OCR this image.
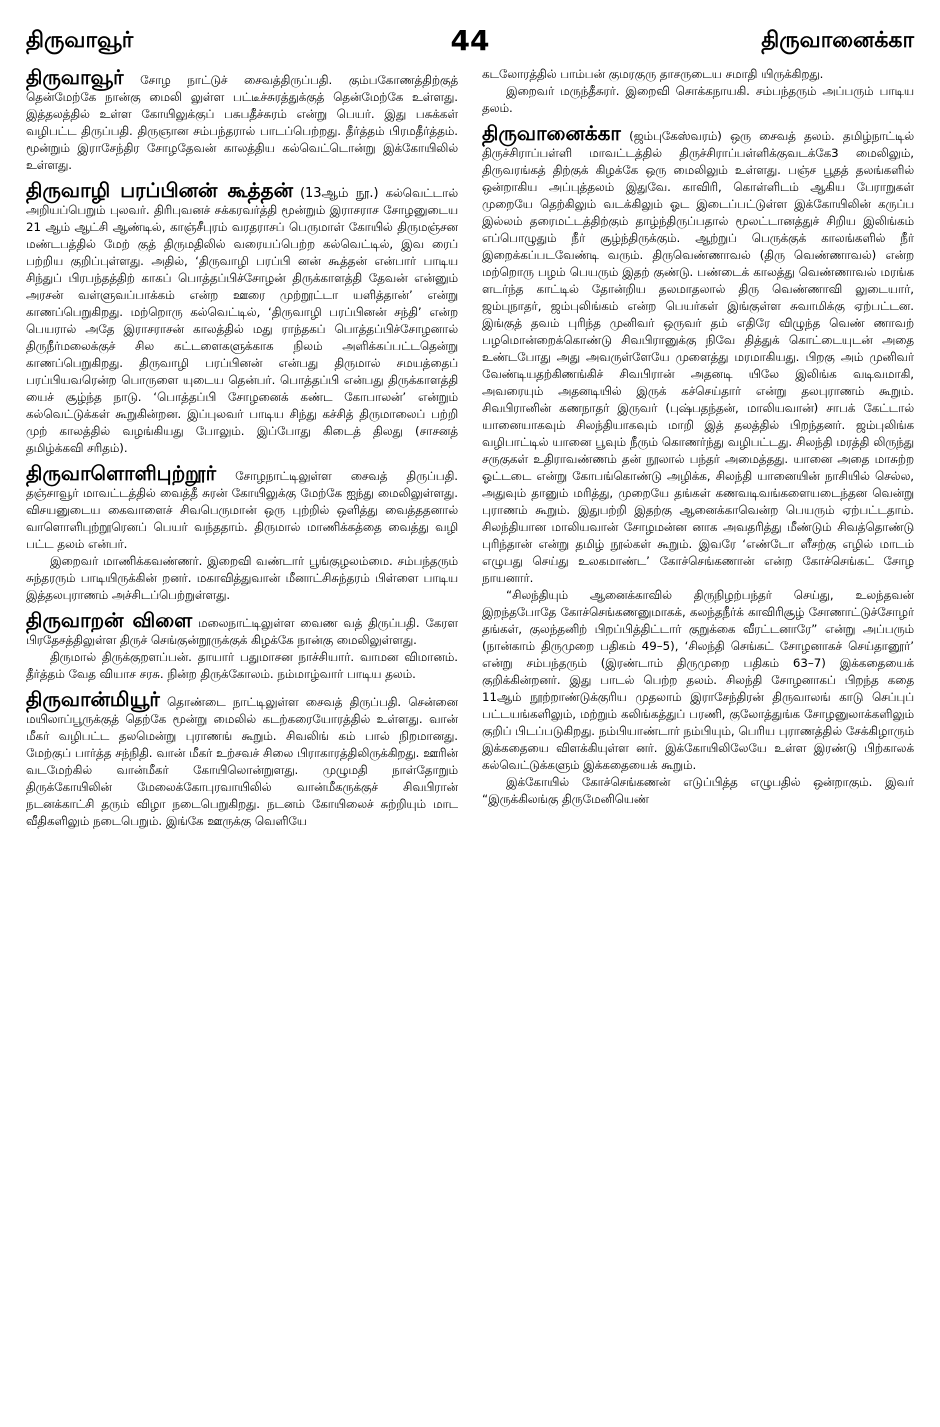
திருவாவூர்	44	திருவானைக்கா

திருவாவூர் சோழ நாட்டுச் சைவத்திருப்பதி. கும்பகோணத்திற்குத் தென்மேற்கே நான்கு மைலி லுள்ள பட்டீச்சுரத்துக்குத் தென்மேற்கே உள்ளது. இத்தலத்தில் உள்ள கோயிலுக்குப் பசுபதீச்சுரம் என்று பெயர். இது பசுக்கள் வழிபட்ட திருப்பதி. திருஞான சம்பந்தரால் பாடப்பெற்றது. தீர்த்தம் பிரமதீர்த்தம். மூன்றும் இராசேந்திர சோழதேவன் காலத்திய கல்வெட்டொன்று இக்கோயிலில் உள்ளது.

திருவாழி பரப்பினன் கூத்தன் (13ஆம் நூ.) கல்வெட்டால் அறியப்பெறும் புலவர். திரிபுவனச் சக்கரவர்த்தி மூன்றும் இராசராச சோழனுடைய 21 ஆம் ஆட்சி ஆண்டில், காஞ்சீபுரம் வரதராசப் பெருமாள் கோயில் திருமஞ்சன மண்டபத்தில் மேற் குத் திருமதிலில் வரையப்பெற்ற கல்வெட்டில், இவ ரைப் பற்றிய குறிப்புள்ளது. அதில், ‘திருவாழி பரப்பி னன் கூத்தன் என்பார் பாடிய சிந்துப் பிரபந்தத்திற் காகப் பொத்தப்பிச்சோழன் திருக்காளத்தி தேவன் என்னும் அரசன் வள்ளுவப்பாக்கம் என்ற ஊரை முற்றூட்டா யளித்தான்’ என்று காணப்பெறுகிறது. மற்றொரு கல்வெட்டில், ‘திருவாழி பரப்பினன் சந்தி’ என்ற பெயரால் அதே இராசராசன் காலத்தில் மது ராந்தகப் பொத்தப்பிச்சோழனால் திருநீர்மலைக்குச் சில கட்டளைகளுக்காக நிலம் அளிக்கப்பட்டதென்று காணப்பெறுகிறது. திருவாழி பரப்பினன் என்பது திருமால் சமயத்தைப் பரப்பியவரென்ற பொருளை யுடைய தென்பர். பொத்தப்பி என்பது திருக்காளத்தி யைச் சூழ்ந்த நாடு. ‘பொத்தப்பி சோழனைக் கண்ட கோபாலன்’ என்றும் கல்வெட்டுக்கள் கூறுகின்றன. இப்புலவர் பாடிய சிந்து கச்சித் திருமாலைப் பற்றி முற் காலத்தில் வழங்கியது போலும். இப்போது கிடைத் திலது (சாசனத் தமிழ்க்கவி சரிதம்).

திருவாளொளிபுற்றூர் சோழநாட்டிலுள்ள சைவத் திருப்பதி. தஞ்சாவூர் மாவட்டத்தில் வைத்தீ சுரன் கோயிலுக்கு மேற்கே ஐந்து மைலிலுள்ளது. விசயனுடைய கைவாளைச் சிவபெருமான் ஒரு புற்றில் ஒளித்து வைத்ததனால் வாளொளிபுற்றூரெனப் பெயர் வந்ததாம். திருமால் மாணிக்கத்தை வைத்து வழி பட்ட தலம் என்பர்.

இறைவர் மாணிக்கவண்ணர். இறைவி வண்டார் பூங்குழலம்மை. சம்பந்தரும் சுந்தரரும் பாடியிருக்கின் றனர். மகாவித்துவான் மீனாட்சிசுந்தரம் பிள்ளை பாடிய இத்தலபுராணம் அச்சிடப்பெற்றுள்ளது.

திருவாறன் விளை மலைநாட்டிலுள்ள வைண வத் திருப்பதி. கேரள பிரதேசத்திலுள்ள திருச் செங்குன்றூருக்குக் கிழக்கே நான்கு மைலிலுள்ளது.

திருமால் திருக்குறளப்பன். தாயார் பதுமாசன நாச்சியார். வாமன விமானம். தீர்த்தம் வேத வியாச சரசு. நின்ற திருக்கோலம். நம்மாழ்வார் பாடிய தலம்.

திருவான்மியூர் தொண்டை நாட்டிலுள்ள சைவத் திருப்பதி. சென்னை மயிலாப்பூருக்குத் தெற்கே மூன்று மைலில் கடற்கரையோரத்தில் உள்ளது. வான் மீகர் வழிபட்ட தலமென்று புராணங் கூறும். சிவலிங் கம் பால் நிறமானது. மேற்குப் பார்த்த சந்நிதி. வான் மீகர் உற்சவச் சிலை பிராகாரத்திலிருக்கிறது. ஊரின் வடமேற்கில் வான்மீகர் கோயிலொன்றுளது. முழுமதி நாள்தோறும் திருக்கோயிலின் மேலைக்கோபுரவாயிலில் வான்மீகருக்குச் சிவபிரான் நடனக்காட்சி தரும் விழா நடைபெறுகிறது. நடனம் கோயிலைச் சுற்றியும் மாட வீதிகளிலும் நடைபெறும். இங்கே ஊருக்கு வெளியே

கடலோரத்தில் பாம்பன் குமரகுரு தாசருடைய சமாதி யிருக்கிறது.

இறைவர் மருந்தீசுரர். இறைவி சொக்கநாயகி. சம்பந்தரும் அப்பரும் பாடிய தலம்.

திருவானைக்கா (ஜம்புகேஸ்வரம்) ஒரு சைவத் தலம். தமிழ்நாட்டில் திருச்சிராப்பள்ளி மாவட்டத்தில் திருச்சிராப்பள்ளிக்குவடக்கே3 மைலிலும், திருவரங்கத் திற்குக் கிழக்கே ஒரு மைலிலும் உள்ளது. பஞ்ச பூதத் தலங்களில் ஒன்றாகிய அப்புத்தலம் இதுவே. காவிரி, கொள்ளிடம் ஆகிய பேராறுகள் முறையே தெற்கிலும் வடக்கிலும் ஓட இடைப்பட்டுள்ள இக்கோயிலின் கருப்ப இல்லம் தரைமட்டத்திற்கும் தாழ்ந்திருப்பதால் மூலட்டானத்துச் சிறிய இலிங்கம் எப்பொழுதும் நீர் சூழ்ந்திருக்கும். ஆற்றுப் பெருக்குக் காலங்களில் நீர் இறைக்கப்படவேண்டி வரும். திருவெண்ணாவல் (திரு வெண்ணாவல்) என்ற மற்றொரு பழம் பெயரும் இதற் குண்டு. பண்டைக் காலத்து வெண்ணாவல் மரங்க ளடர்ந்த காட்டில் தோன்றிய தலமாதலால் திரு வெண்ணாவி லுடையார், ஜம்புநாதர், ஜம்புலிங்கம் என்ற பெயர்கள் இங்குள்ள சுவாமிக்கு ஏற்பட்டன. இங்குத் தவம் புரிந்த முனிவர் ஒருவர் தம் எதிரே விழுந்த வெண் ணாவற் பழமொன்றைக்கொண்டு சிவபிரானுக்கு நிவே தித்துக் கொட்டையுடன் அதை உண்டபோது அது அவருள்ளேயே முளைத்து மரமாகியது. பிறகு அம் முனிவர் வேண்டியதற்கிணங்கிச் சிவபிரான் அதனடி யிலே இலிங்க வடிவமாகி, அவரையும் அதனடியில் இருக் கச்செய்தார் என்று தலபுராணம் கூறும். சிவபிரானின் கணநாதர் இருவர் (புஷ்பதந்தன், மாலியவான்) சாபக் கேட்டால் யானையாகவும் சிலந்தியாகவும் மாறி இத் தலத்தில் பிறந்தனர். ஜம்புலிங்க வழிபாட்டில் யானை பூவும் நீரும் கொணர்ந்து வழிபட்டது. சிலந்தி மரத்தி லிருந்து சருகுகள் உதிராவண்ணம் தன் நூலால் பந்தர் அமைத்தது. யானை அதை மாசுற்ற ஓட்டடை என்று கோபங்கொண்டு அழிக்க, சிலந்தி யானையின் நாசியில் செல்ல, அதுவும் தானும் மரித்து, முறையே தங்கள் கணவடிவங்களையடைந்தன வென்று புராணம் கூறும். இதுபற்றி இதற்கு ஆனைக்காவென்ற பெயரும் ஏற்பட்டதாம். சிலந்தியான மாலியவான் சோழமன்ன னாக அவதரித்து மீண்டும் சிவத்தொண்டு புரிந்தான் என்று தமிழ் நூல்கள் கூறும். இவரே ‘எண்டோ ளீசற்கு எழில் மாடம் எழுபது செய்து உலகமாண்ட’ கோச்செங்கணான் என்ற கோச்செங்கட் சோழ நாயனார்.

“சிலந்தியும் ஆனைக்காவில் திருநிழற்பந்தர் செய்து, உலந்தவன் இறந்தபோதே கோச்செங்கணனுமாகக், கலந்தநீர்க் காவிரிசூழ் சோணாட்டுச்சோழர் தங்கள், குலந்தனிற் பிறப்பித்திட்டார் குறுக்கை வீரட்டனாரே” என்று அப்பரும் (நான்காம் திருமுறை பதிகம் 49–5), ‘சிலந்தி செங்கட் சோழனாகச் செய்தானூர்’ என்று சம்பந்தரும் (இரண்டாம் திருமுறை பதிகம் 63–7) இக்கதையைக் குறிக்கின்றனர். இது பாடல் பெற்ற தலம். சிலந்தி சோழனாகப் பிறந்த கதை 11ஆம் நூற்றாண்டுக்குரிய முதலாம் இராசேந்திரன் திருவாலங் காடு செப்புப் பட்டயங்களிலும், மற்றும் கலிங்கத்துப் பரணி, குலோத்துங்க சோழனுலாக்களிலும் குறிப் பிடப்படுகிறது. நம்பியாண்டார் நம்பியும், பெரிய புராணத்தில் சேக்கிழாரும் இக்கதையை விளக்கியுள்ள னர். இக்கோயிலிலேயே உள்ள இரண்டு பிற்காலக் கல்வெட்டுக்களும் இக்கதையைக் கூறும்.

இக்கோயில் கோச்செங்கணன் எடுப்பித்த எழுபதில் ஒன்றாகும். இவர் “இருக்கிலங்கு திருமேனியெண்
